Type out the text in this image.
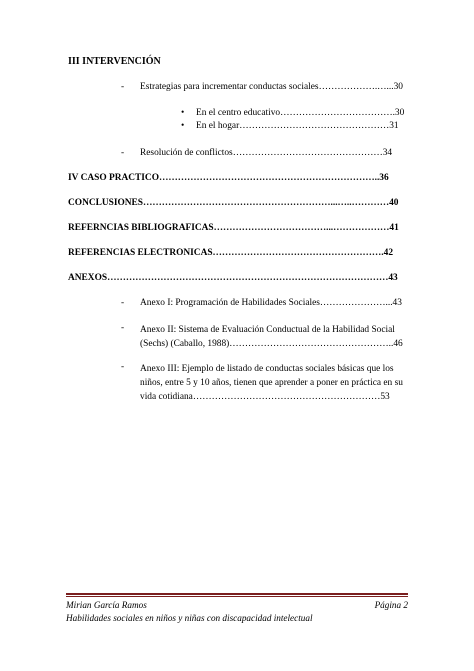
III INTERVENCIÓN
- Estrategias para incrementar conductas sociales……………….…...30
• En el centro educativo……………………………….30
• En el hogar…………………………………………31
- Resolución de conflictos…………………………………………34
IV CASO PRÁCTICO……………………………………………………………..36
CONCLUSIONES……………………………………………………...…..…………40
REFERNCIAS BIBLIOGRAFICAS………………………………...………………41
REFERENCIAS ELECTRÓNICAS……………………………………………….42
ANEXOS………………………………………………………………………………43
- Anexo I: Programación de Habilidades Sociales…………………...43
- Anexo II: Sistema de Evaluación Conductual de la Habilidad Social (Sechs) (Caballo, 1988)……………………………………………..46
- Anexo III: Ejemplo de listado de conductas sociales básicas que los niños, entre 5 y 10 años, tienen que aprender a poner en práctica en su vida cotidiana……………………………………………………53
Mirian García Ramos	Página 2
Habilidades sociales en niños y niñas con discapacidad intelectual
